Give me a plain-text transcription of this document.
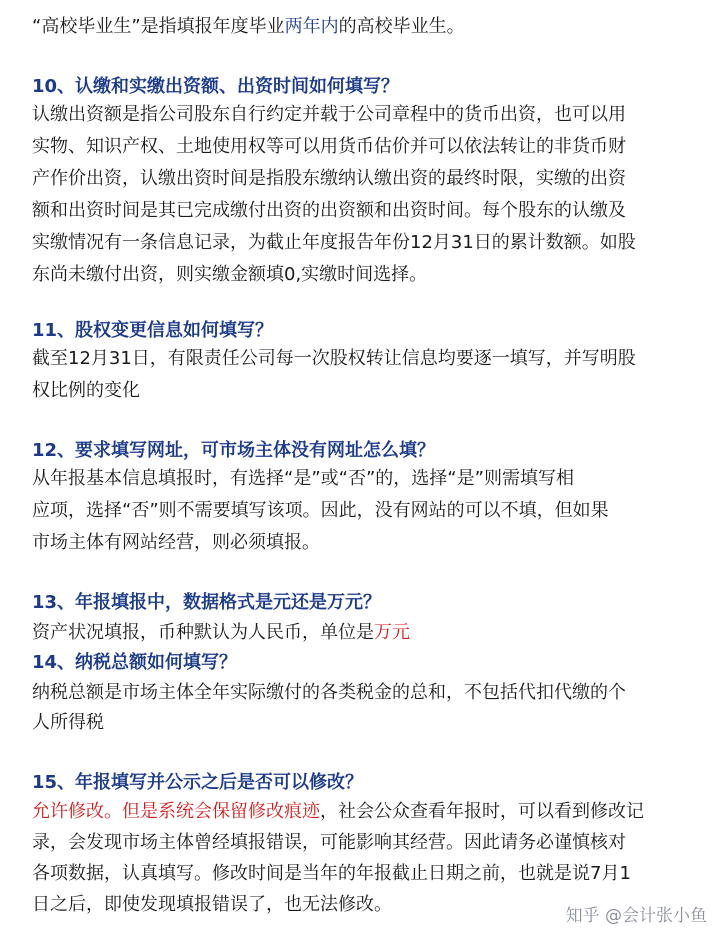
“高校毕业生”是指填报年度毕业两年内的高校毕业生。
10、认缴和实缴出资额、出资时间如何填写？
认缴出资额是指公司股东自行约定并载于公司章程中的货币出资，也可以用
实物、知识产权、土地使用权等可以用货币估价并可以依法转让的非货币财
产作价出资，认缴出资时间是指股东缴纳认缴出资的最终时限，实缴的出资
额和出资时间是其已完成缴付出资的出资额和出资时间。每个股东的认缴及
实缴情况有一条信息记录，为截止年度报告年份12月31日的累计数额。如股
东尚未缴付出资，则实缴金额填0,实缴时间选择。
11、股权变更信息如何填写？
截至12月31日，有限责任公司每一次股权转让信息均要逐一填写，并写明股
权比例的变化
12、要求填写网址，可市场主体没有网址怎么填？
从年报基本信息填报时，有选择“是”或“否”的，选择“是”则需填写相
应项，选择“否”则不需要填写该项。因此，没有网站的可以不填，但如果
市场主体有网站经营，则必须填报。
13、年报填报中，数据格式是元还是万元？
资产状况填报，币种默认为人民币，单位是万元
14、纳税总额如何填写？
纳税总额是市场主体全年实际缴付的各类税金的总和，不包括代扣代缴的个
人所得税
15、年报填写并公示之后是否可以修改？
允许修改。但是系统会保留修改痕迹，社会公众查看年报时，可以看到修改记
录，会发现市场主体曾经填报错误，可能影响其经营。因此请务必谨慎核对
各项数据，认真填写。修改时间是当年的年报截止日期之前，也就是说7月1
日之后，即使发现填报错误了，也无法修改。
知乎 @会计张小鱼
